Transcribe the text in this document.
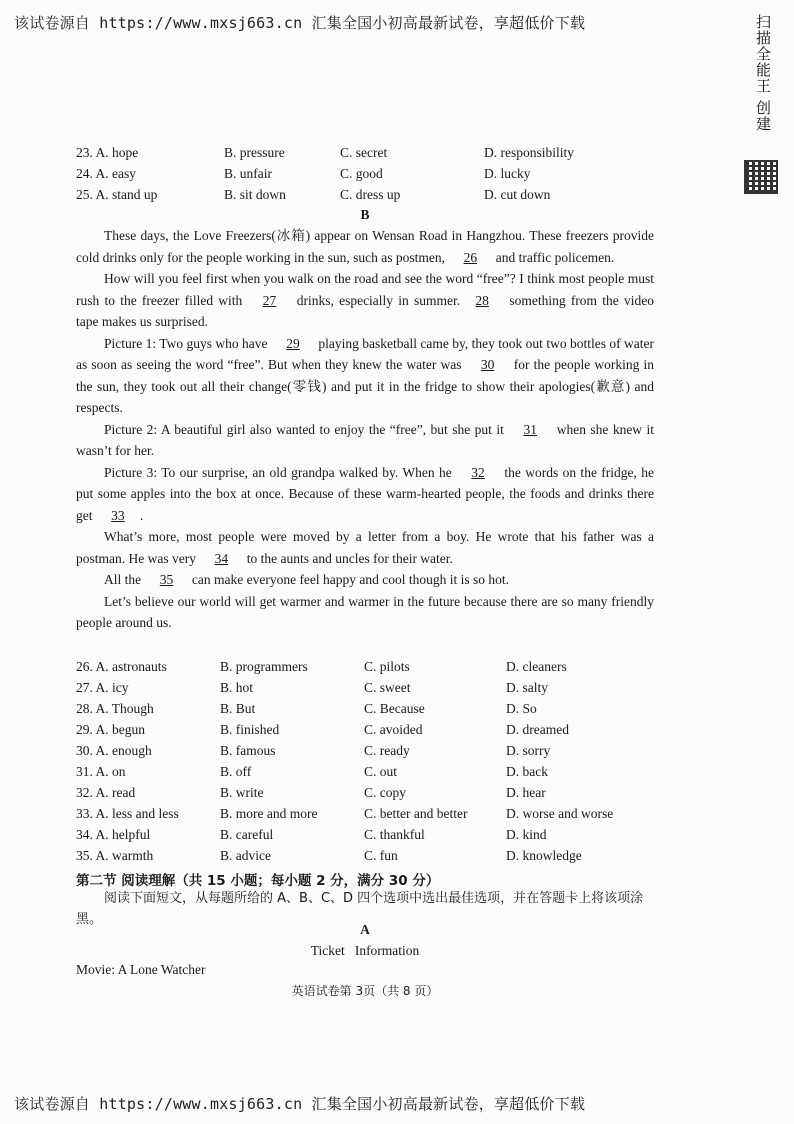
该试卷源自 https://www.mxsj663.cn 汇集全国小初高最新试卷，享超低价下载	扫描全能王 创建
23. A. hope	B. pressure	C. secret	D. responsibility
24. A. easy	B. unfair	C. good	D. lucky
25. A. stand up	B. sit down	C. dress up	D. cut down
B

These days, the Love Freezers(冰箱) appear on Wensan Road in Hangzhou. These freezers provide cold drinks only for the people working in the sun, such as postmen, 26 and traffic policemen.

How will you feel first when you walk on the road and see the word “free”? I think most people must rush to the freezer filled with 27 drinks, especially in summer. 28 something from the video tape makes us surprised.

Picture 1: Two guys who have 29 playing basketball came by, they took out two bottles of water as soon as seeing the word “free”. But when they knew the water was 30 for the people working in the sun, they took out all their change(零钱) and put it in the fridge to show their apologies(歉意) and respects.

Picture 2: A beautiful girl also wanted to enjoy the “free”, but she put it 31 when she knew it wasn’t for her.

Picture 3: To our surprise, an old grandpa walked by. When he 32 the words on the fridge, he put some apples into the box at once. Because of these warm-hearted people, the foods and drinks there get 33 .

What’s more, most people were moved by a letter from a boy. He wrote that his father was a postman. He was very 34 to the aunts and uncles for their water.

All the 35 can make everyone feel happy and cool though it is so hot.

Let’s believe our world will get warmer and warmer in the future because there are so many friendly people around us.

26. A. astronauts	B. programmers	C. pilots	D. cleaners
27. A. icy	B. hot	C. sweet	D. salty
28. A. Though	B. But	C. Because	D. So
29. A. begun	B. finished	C. avoided	D. dreamed
30. A. enough	B. famous	C. ready	D. sorry
31. A. on	B. off	C. out	D. back
32. A. read	B. write	C. copy	D. hear
33. A. less and less	B. more and more	C. better and better	D. worse and worse
34. A. helpful	B. careful	C. thankful	D. kind
35. A. warmth	B. advice	C. fun	D. knowledge
第二节 阅读理解（共 15 小题；每小题 2 分，满分 30 分）
阅读下面短文，从每题所给的 A、B、C、D 四个选项中选出最佳选项，并在答题卡上将该项涂黑。
A
Ticket   Information
Movie: A Lone Watcher
英语试卷第 3页（共 8 页）
该试卷源自 https://www.mxsj663.cn 汇集全国小初高最新试卷，享超低价下载
